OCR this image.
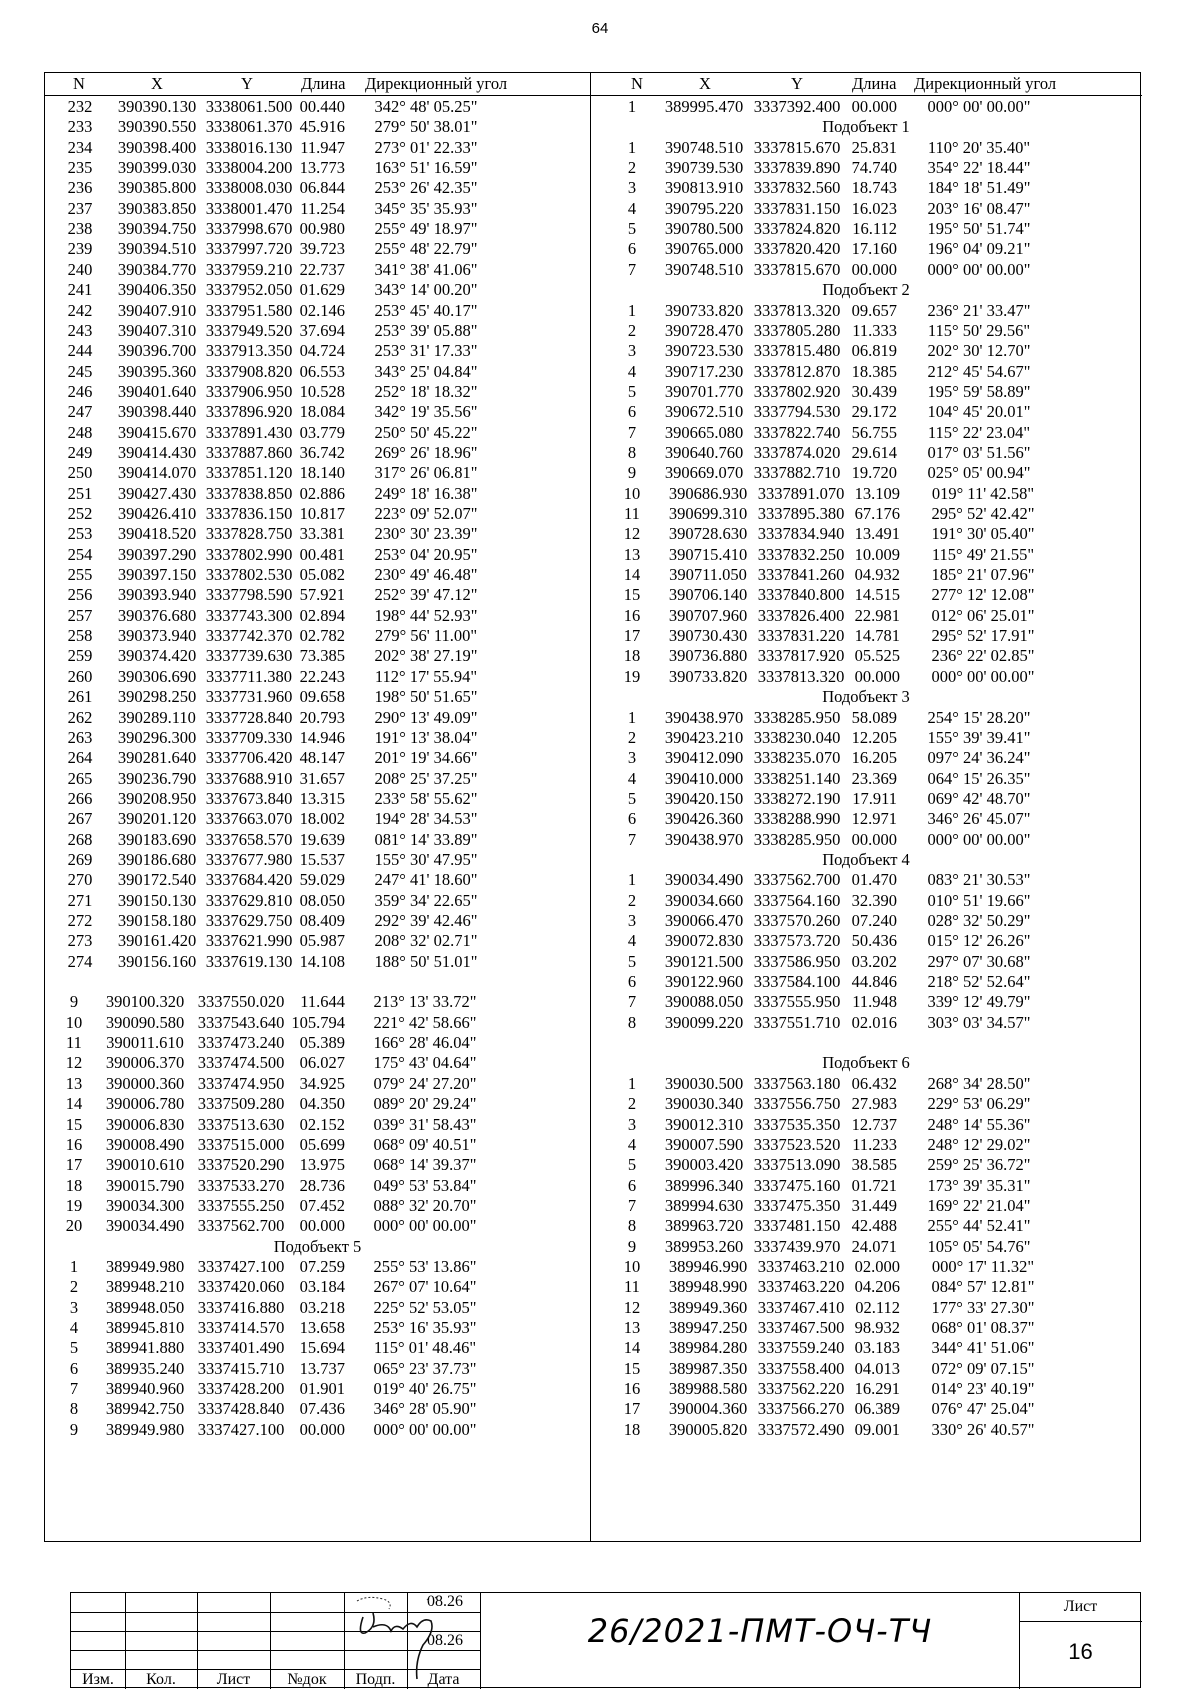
64
N	X	Y	Длина Дирекционный угол
232	390390.130 3338061.500 00.440	342° 48' 05.25"
233	390390.550 3338061.370 45.916	279° 50' 38.01"
234	390398.400 3338016.130 11.947	273° 01' 22.33"
235	390399.030 3338004.200 13.773	163° 51' 16.59"
236	390385.800 3338008.030 06.844	253° 26' 42.35"
237	390383.850 3338001.470 11.254	345° 35' 35.93"
238	390394.750 3337998.670 00.980	255° 49' 18.97"
239	390394.510 3337997.720 39.723	255° 48' 22.79"
240	390384.770 3337959.210 22.737	341° 38' 41.06"
241	390406.350 3337952.050 01.629	343° 14' 00.20"
242	390407.910 3337951.580 02.146	253° 45' 40.17"
243	390407.310 3337949.520 37.694	253° 39' 05.88"
244	390396.700 3337913.350 04.724	253° 31' 17.33"
245	390395.360 3337908.820 06.553	343° 25' 04.84"
246	390401.640 3337906.950 10.528	252° 18' 18.32"
247	390398.440 3337896.920 18.084	342° 19' 35.56"
248	390415.670 3337891.430 03.779	250° 50' 45.22"
249	390414.430 3337887.860 36.742	269° 26' 18.96"
250	390414.070 3337851.120 18.140	317° 26' 06.81"
251	390427.430 3337838.850 02.886	249° 18' 16.38"
252	390426.410 3337836.150 10.817	223° 09' 52.07"
253	390418.520 3337828.750 33.381	230° 30' 23.39"
254	390397.290 3337802.990 00.481	253° 04' 20.95"
255	390397.150 3337802.530 05.082	230° 49' 46.48"
256	390393.940 3337798.590 57.921	252° 39' 47.12"
257	390376.680 3337743.300 02.894	198° 44' 52.93"
258	390373.940 3337742.370 02.782	279° 56' 11.00"
259	390374.420 3337739.630 73.385	202° 38' 27.19"
260	390306.690 3337711.380 22.243	112° 17' 55.94"
261	390298.250 3337731.960 09.658	198° 50' 51.65"
262	390289.110 3337728.840 20.793	290° 13' 49.09"
263	390296.300 3337709.330 14.946	191° 13' 38.04"
264	390281.640 3337706.420 48.147	201° 19' 34.66"
265	390236.790 3337688.910 31.657	208° 25' 37.25"
266	390208.950 3337673.840 13.315	233° 58' 55.62"
267	390201.120 3337663.070 18.002	194° 28' 34.53"
268	390183.690 3337658.570 19.639	081° 14' 33.89"
269	390186.680 3337677.980 15.537	155° 30' 47.95"
270	390172.540 3337684.420 59.029	247° 41' 18.60"
271	390150.130 3337629.810 08.050	359° 34' 22.65"
272	390158.180 3337629.750 08.409	292° 39' 42.46"
273	390161.420 3337621.990 05.987	208° 32' 02.71"
274	390156.160 3337619.130 14.108	188° 50' 51.01"
9	390100.320 3337550.020 11.644	213° 13' 33.72"
10	390090.580 3337543.640 105.794	221° 42' 58.66"
11	390011.610 3337473.240 05.389	166° 28' 46.04"
12	390006.370 3337474.500 06.027	175° 43' 04.64"
13	390000.360 3337474.950 34.925	079° 24' 27.20"
14	390006.780 3337509.280 04.350	089° 20' 29.24"
15	390006.830 3337513.630 02.152	039° 31' 58.43"
16	390008.490 3337515.000 05.699	068° 09' 40.51"
17	390010.610 3337520.290 13.975	068° 14' 39.37"
18	390015.790 3337533.270 28.736	049° 53' 53.84"
19	390034.300 3337555.250 07.452	088° 32' 20.70"
20	390034.490 3337562.700 00.000	000° 00' 00.00"
Подобъект 5
1	389949.980 3337427.100 07.259	255° 53' 13.86"
2	389948.210 3337420.060 03.184	267° 07' 10.64"
3	389948.050 3337416.880 03.218	225° 52' 53.05"
4	389945.810 3337414.570 13.658	253° 16' 35.93"
5	389941.880 3337401.490 15.694	115° 01' 48.46"
6	389935.240 3337415.710 13.737	065° 23' 37.73"
7	389940.960 3337428.200 01.901	019° 40' 26.75"
8	389942.750 3337428.840 07.436	346° 28' 05.90"
9	389949.980 3337427.100 00.000	000° 00' 00.00"
N	X	Y	Длина Дирекционный угол
1	389995.470 3337392.400 00.000	000° 00' 00.00"
Подобъект 1
1	390748.510 3337815.670 25.831	110° 20' 35.40"
2	390739.530 3337839.890 74.740	354° 22' 18.44"
3	390813.910 3337832.560 18.743	184° 18' 51.49"
4	390795.220 3337831.150 16.023	203° 16' 08.47"
5	390780.500 3337824.820 16.112	195° 50' 51.74"
6	390765.000 3337820.420 17.160	196° 04' 09.21"
7	390748.510 3337815.670 00.000	000° 00' 00.00"
Подобъект 2
1	390733.820 3337813.320 09.657	236° 21' 33.47"
2	390728.470 3337805.280 11.333	115° 50' 29.56"
3	390723.530 3337815.480 06.819	202° 30' 12.70"
4	390717.230 3337812.870 18.385	212° 45' 54.67"
5	390701.770 3337802.920 30.439	195° 59' 58.89"
6	390672.510 3337794.530 29.172	104° 45' 20.01"
7	390665.080 3337822.740 56.755	115° 22' 23.04"
8	390640.760 3337874.020 29.614	017° 03' 51.56"
9	390669.070 3337882.710 19.720	025° 05' 00.94"
10	390686.930 3337891.070 13.109	019° 11' 42.58"
11	390699.310 3337895.380 67.176	295° 52' 42.42"
12	390728.630 3337834.940 13.491	191° 30' 05.40"
13	390715.410 3337832.250 10.009	115° 49' 21.55"
14	390711.050 3337841.260 04.932	185° 21' 07.96"
15	390706.140 3337840.800 14.515	277° 12' 12.08"
16	390707.960 3337826.400 22.981	012° 06' 25.01"
17	390730.430 3337831.220 14.781	295° 52' 17.91"
18	390736.880 3337817.920 05.525	236° 22' 02.85"
19	390733.820 3337813.320 00.000	000° 00' 00.00"
Подобъект 3
1	390438.970 3338285.950 58.089	254° 15' 28.20"
2	390423.210 3338230.040 12.205	155° 39' 39.41"
3	390412.090 3338235.070 16.205	097° 24' 36.24"
4	390410.000 3338251.140 23.369	064° 15' 26.35"
5	390420.150 3338272.190 17.911	069° 42' 48.70"
6	390426.360 3338288.990 12.971	346° 26' 45.07"
7	390438.970 3338285.950 00.000	000° 00' 00.00"
Подобъект 4
1	390034.490 3337562.700 01.470	083° 21' 30.53"
2	390034.660 3337564.160 32.390	010° 51' 19.66"
3	390066.470 3337570.260 07.240	028° 32' 50.29"
4	390072.830 3337573.720 50.436	015° 12' 26.26"
5	390121.500 3337586.950 03.202	297° 07' 30.68"
6	390122.960 3337584.100 44.846	218° 52' 52.64"
7	390088.050 3337555.950 11.948	339° 12' 49.79"
8	390099.220 3337551.710 02.016	303° 03' 34.57"
Подобъект 6
1	390030.500 3337563.180 06.432	268° 34' 28.50"
2	390030.340 3337556.750 27.983	229° 53' 06.29"
3	390012.310 3337535.350 12.737	248° 14' 55.36"
4	390007.590 3337523.520 11.233	248° 12' 29.02"
5	390003.420 3337513.090 38.585	259° 25' 36.72"
6	389996.340 3337475.160 01.721	173° 39' 35.31"
7	389994.630 3337475.350 31.449	169° 22' 21.04"
8	389963.720 3337481.150 42.488	255° 44' 52.41"
9	389953.260 3337439.970 24.071	105° 05' 54.76"
10	389946.990 3337463.210 02.000	000° 17' 11.32"
11	389948.990 3337463.220 04.206	084° 57' 12.81"
12	389949.360 3337467.410 02.112	177° 33' 27.30"
13	389947.250 3337467.500 98.932	068° 01' 08.37"
14	389984.280 3337559.240 03.183	344° 41' 51.06"
15	389987.350 3337558.400 04.013	072° 09' 07.15"
16	389988.580 3337562.220 16.291	014° 23' 40.19"
17	390004.360 3337566.270 06.389	076° 47' 25.04"
18	390005.820 3337572.490 09.001	330° 26' 40.57"
08.26
08.26
Изм.	Кол.	Лист	№док	Подп.	Дата
Лист
16
26/2021-ПМТ-ОЧ-ТЧ
